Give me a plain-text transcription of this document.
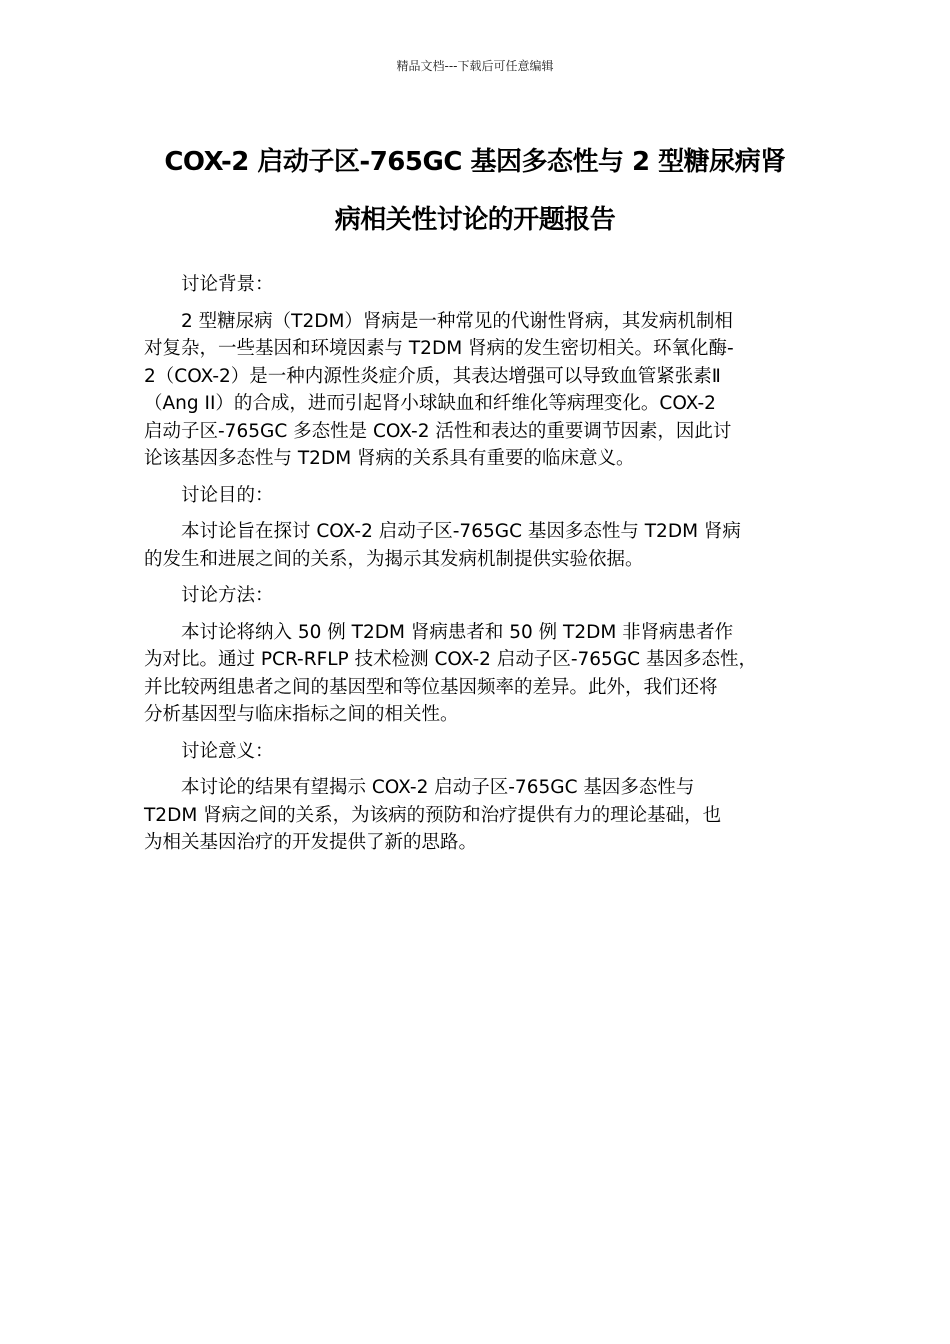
精品文档---下载后可任意编辑
COX-2 启动子区-765GC 基因多态性与 2 型糖尿病肾
病相关性讨论的开题报告

讨论背景：

2 型糖尿病（T2DM）肾病是一种常见的代谢性肾病，其发病机制相
对复杂，一些基因和环境因素与 T2DM 肾病的发生密切相关。环氧化酶-
2（COX-2）是一种内源性炎症介质，其表达增强可以导致血管紧张素Ⅱ
（Ang II）的合成，进而引起肾小球缺血和纤维化等病理变化。COX-2
启动子区-765GC 多态性是 COX-2 活性和表达的重要调节因素，因此讨
论该基因多态性与 T2DM 肾病的关系具有重要的临床意义。

讨论目的：

本讨论旨在探讨 COX-2 启动子区-765GC 基因多态性与 T2DM 肾病
的发生和进展之间的关系，为揭示其发病机制提供实验依据。

讨论方法：

本讨论将纳入 50 例 T2DM 肾病患者和 50 例 T2DM 非肾病患者作
为对比。通过 PCR-RFLP 技术检测 COX-2 启动子区-765GC 基因多态性，
并比较两组患者之间的基因型和等位基因频率的差异。此外，我们还将
分析基因型与临床指标之间的相关性。

讨论意义：

本讨论的结果有望揭示 COX-2 启动子区-765GC 基因多态性与
T2DM 肾病之间的关系，为该病的预防和治疗提供有力的理论基础，也
为相关基因治疗的开发提供了新的思路。
